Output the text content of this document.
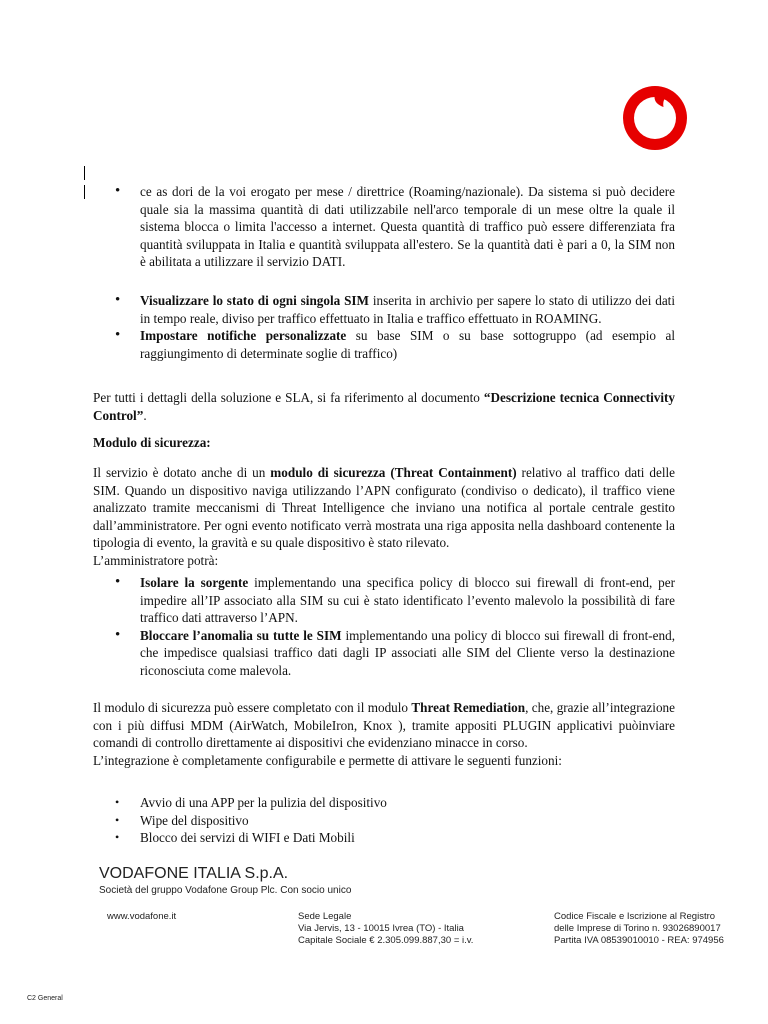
• ce as dori de la voi erogato per mese / direttrice (Roaming/nazionale). Da sistema si può decidere quale sia la massima quantità di dati utilizzabile nell'arco temporale di un mese oltre la quale il sistema blocca o limita l'accesso a internet. Questa quantità di traffico può essere differenziata fra quantità sviluppata in Italia e quantità sviluppata all'estero. Se la quantità dati è pari a 0, la SIM non è abilitata a utilizzare il servizio DATI.
• Visualizzare lo stato di ogni singola SIM inserita in archivio per sapere lo stato di utilizzo dei dati in tempo reale, diviso per traffico effettuato in Italia e traffico effettuato in ROAMING.
• Impostare notifiche personalizzate su base SIM o su base sottogruppo (ad esempio al raggiungimento di determinate soglie di traffico)

Per tutti i dettagli della soluzione e SLA, si fa riferimento al documento “Descrizione tecnica Connectivity Control”.

Modulo di sicurezza:

Il servizio è dotato anche di un modulo di sicurezza (Threat Containment) relativo al traffico dati delle SIM. Quando un dispositivo naviga utilizzando l’APN configurato (condiviso o dedicato), il traffico viene analizzato tramite meccanismi di Threat Intelligence che inviano una notifica al portale centrale gestito dall’amministratore. Per ogni evento notificato verrà mostrata una riga apposita nella dashboard contenente la tipologia di evento, la gravità e su quale dispositivo è stato rilevato.

L’amministratore potrà:

• Isolare la sorgente implementando una specifica policy di blocco sui firewall di front-end, per impedire all’IP associato alla SIM su cui è stato identificato l’evento malevolo la possibilità di fare traffico dati attraverso l’APN.
• Bloccare l’anomalia su tutte le SIM implementando una policy di blocco sui firewall di front-end, che impedisce qualsiasi traffico dati dagli IP associati alle SIM del Cliente verso la destinazione riconosciuta come malevola.

Il modulo di sicurezza può essere completato con il modulo Threat Remediation, che, grazie all’integrazione con i più diffusi MDM (AirWatch, MobileIron, Knox ), tramite appositi PLUGIN applicativi puòinviare comandi di controllo direttamente ai dispositivi che evidenziano minacce in corso.

L’integrazione è completamente configurabile e permette di attivare le seguenti funzioni:

• Avvio di una APP per la pulizia del dispositivo
• Wipe del dispositivo
• Blocco dei servizi di WIFI e Dati Mobili
VODAFONE ITALIA S.p.A.
Società del gruppo Vodafone Group Plc. Con socio unico
www.vodafone.it	Sede Legale
Via Jervis, 13 - 10015 Ivrea (TO) - Italia
Capitale Sociale € 2.305.099.887,30 = i.v.
Codice Fiscale e Iscrizione al Registro
delle Imprese di Torino n. 93026890017
Partita IVA 08539010010 - REA: 974956
C2 General
